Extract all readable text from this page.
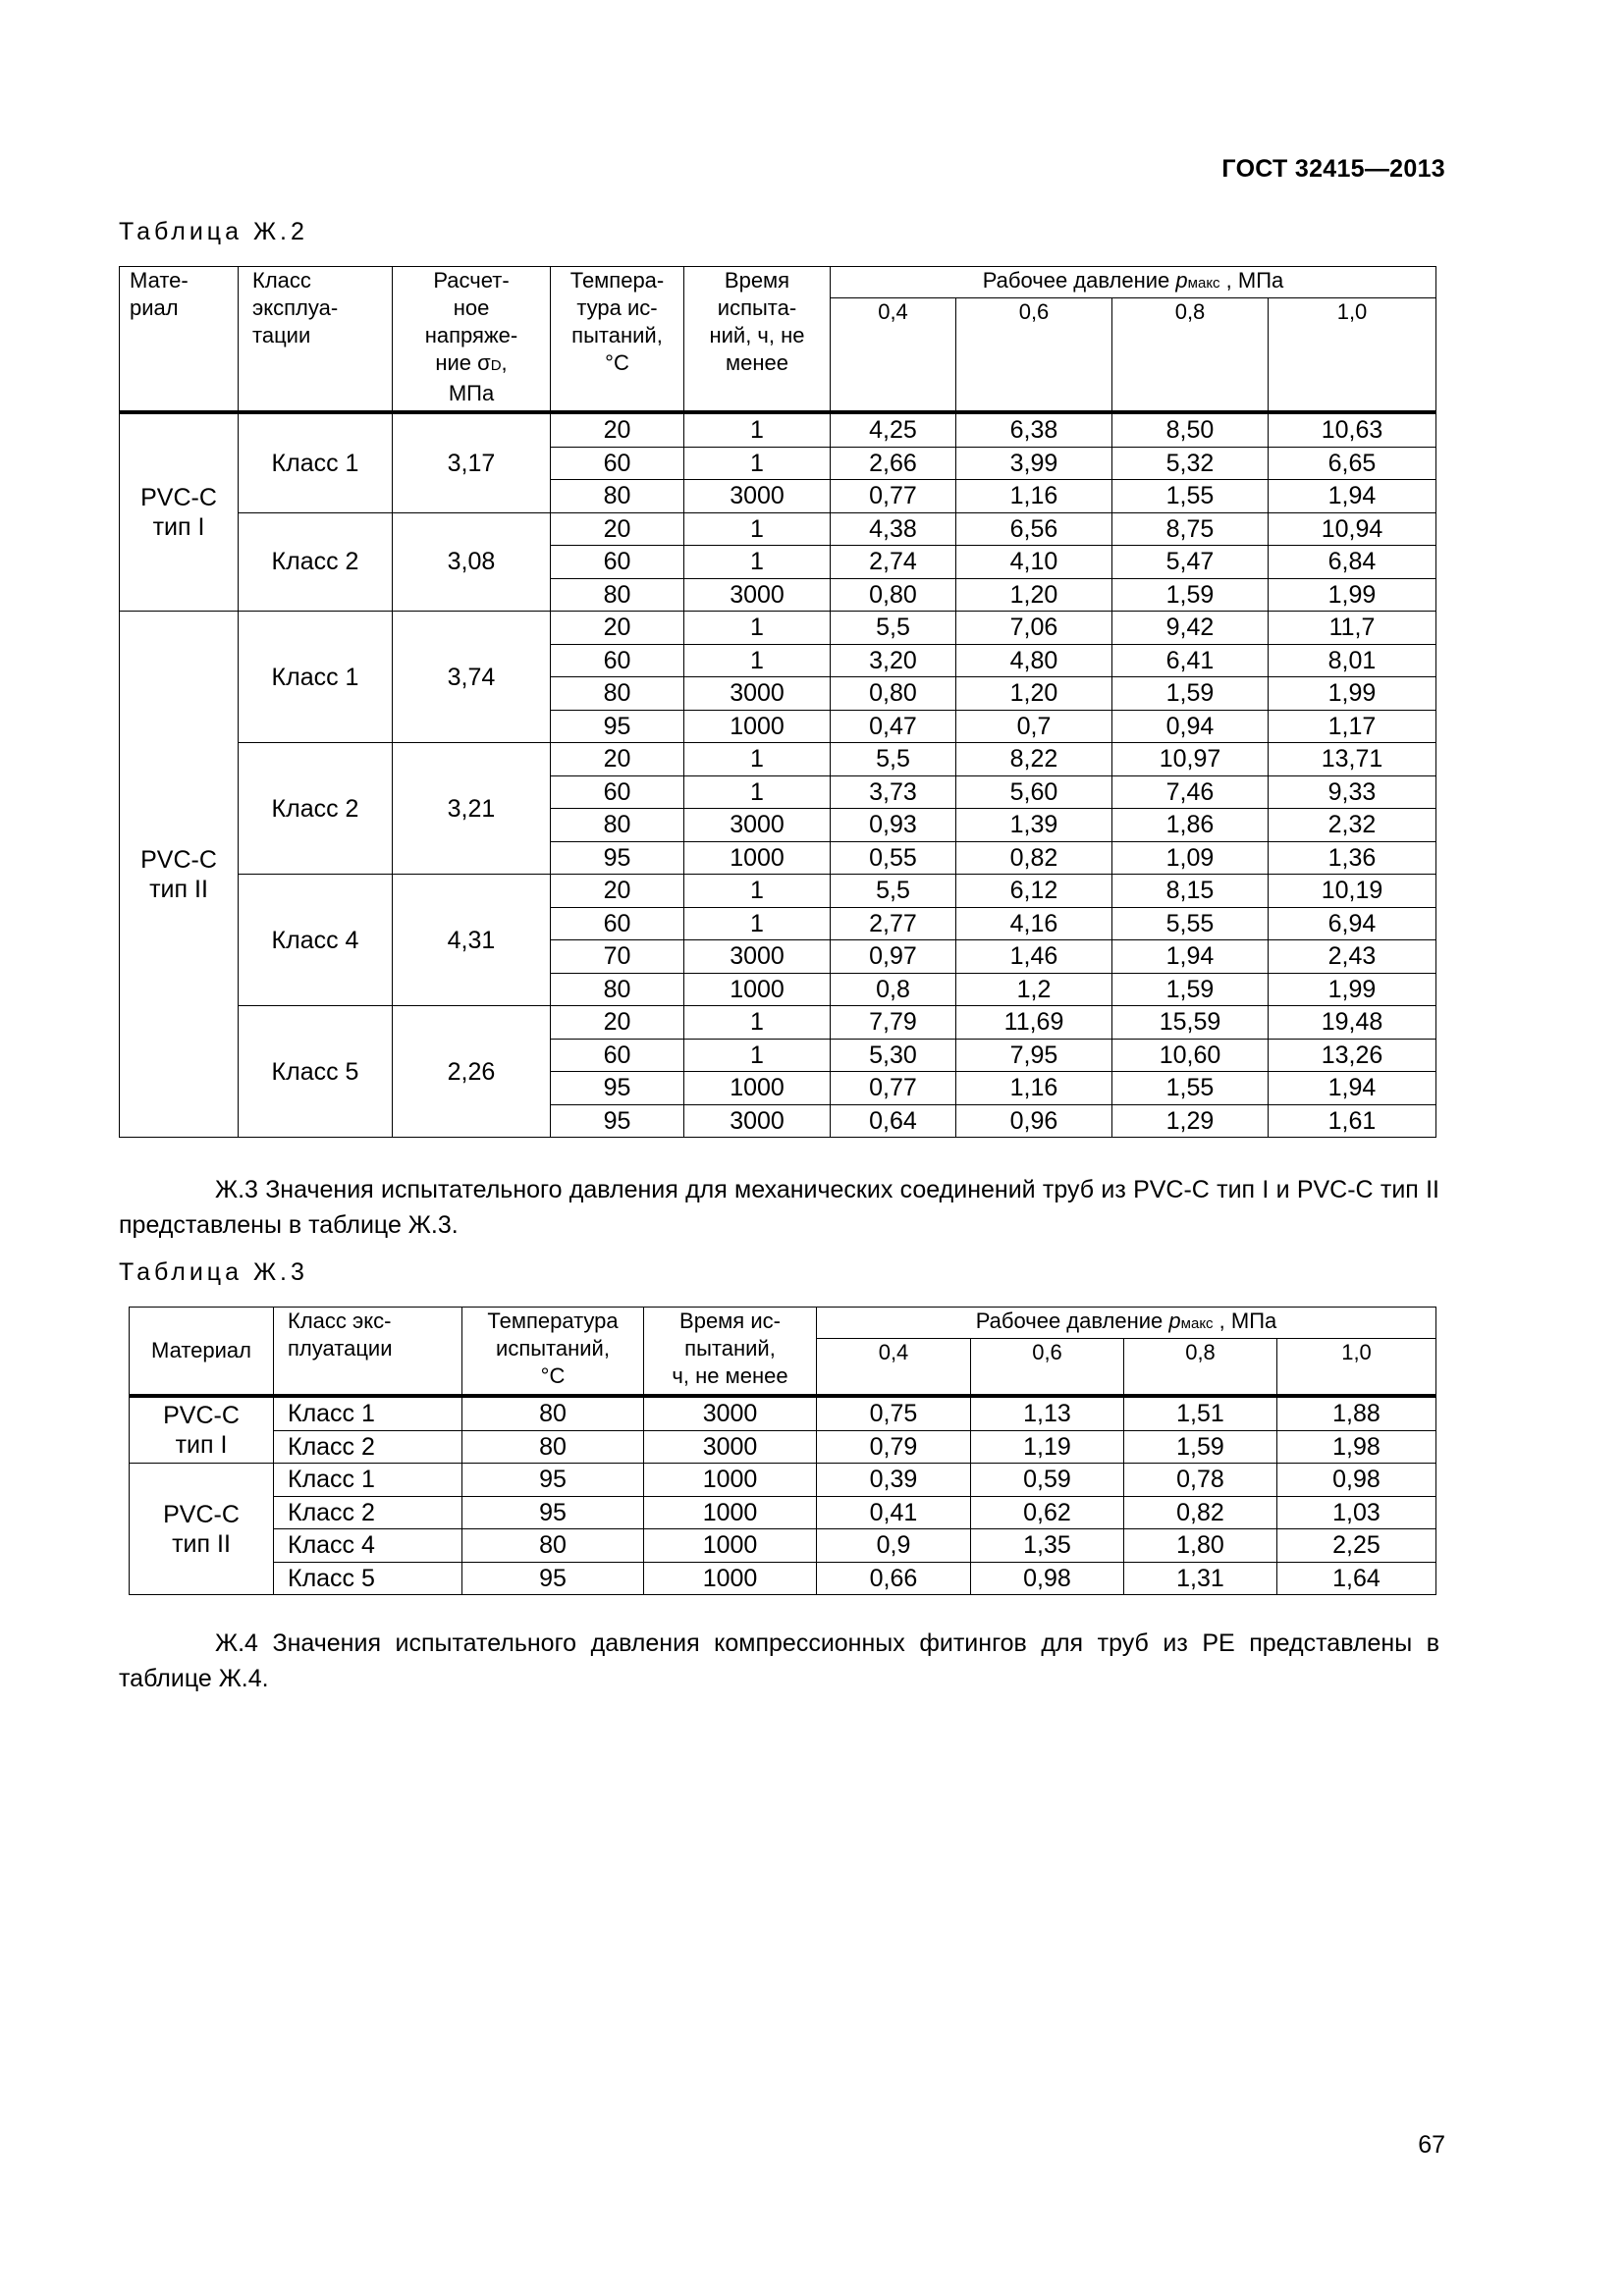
ГОСТ 32415—2013
Таблица Ж.2
Мате-
риал	Класс
эксплуа-
тации	Расчет-
ное
напряже-
ние σD,
МПа	Темпера-
тура ис-
пытаний,
°С	Время
испыта-
ний, ч, не
менее	Рабочее давление рмакс , МПа			
					0,4	0,6	0,8	1,0
PVC-C
тип I	Класс 1	3,17	20	1	4,25	6,38	8,50	10,63
			60	1	2,66	3,99	5,32	6,65
			80	3000	0,77	1,16	1,55	1,94
	Класс 2	3,08	20	1	4,38	6,56	8,75	10,94
			60	1	2,74	4,10	5,47	6,84
			80	3000	0,80	1,20	1,59	1,99
PVC-C
тип II	Класс 1	3,74	20	1	5,5	7,06	9,42	11,7
			60	1	3,20	4,80	6,41	8,01
			80	3000	0,80	1,20	1,59	1,99
			95	1000	0,47	0,7	0,94	1,17
	Класс 2	3,21	20	1	5,5	8,22	10,97	13,71
			60	1	3,73	5,60	7,46	9,33
			80	3000	0,93	1,39	1,86	2,32
			95	1000	0,55	0,82	1,09	1,36
	Класс 4	4,31	20	1	5,5	6,12	8,15	10,19
			60	1	2,77	4,16	5,55	6,94
			70	3000	0,97	1,46	1,94	2,43
			80	1000	0,8	1,2	1,59	1,99
	Класс 5	2,26	20	1	7,79	11,69	15,59	19,48
			60	1	5,30	7,95	10,60	13,26
			95	1000	0,77	1,16	1,55	1,94
			95	3000	0,64	0,96	1,29	1,61

Ж.3 Значения испытательного давления для механических соединений труб из PVC-C тип I и PVC-C тип II представлены в таблице Ж.3.

Таблица Ж.3
Материал	Класс экс-
плуатации	Температура
испытаний,
°С	Время ис-
пытаний,
ч, не менее	Рабочее давление рмакс , МПа			
				0,4	0,6	0,8	1,0
PVC-C
тип I	Класс 1	80	3000	0,75	1,13	1,51	1,88
	Класс 2	80	3000	0,79	1,19	1,59	1,98
PVC-C
тип II	Класс 1	95	1000	0,39	0,59	0,78	0,98
	Класс 2	95	1000	0,41	0,62	0,82	1,03
	Класс 4	80	1000	0,9	1,35	1,80	2,25
	Класс 5	95	1000	0,66	0,98	1,31	1,64

Ж.4 Значения испытательного давления компрессионных фитингов для труб из PE представлены в таблице Ж.4.

67
